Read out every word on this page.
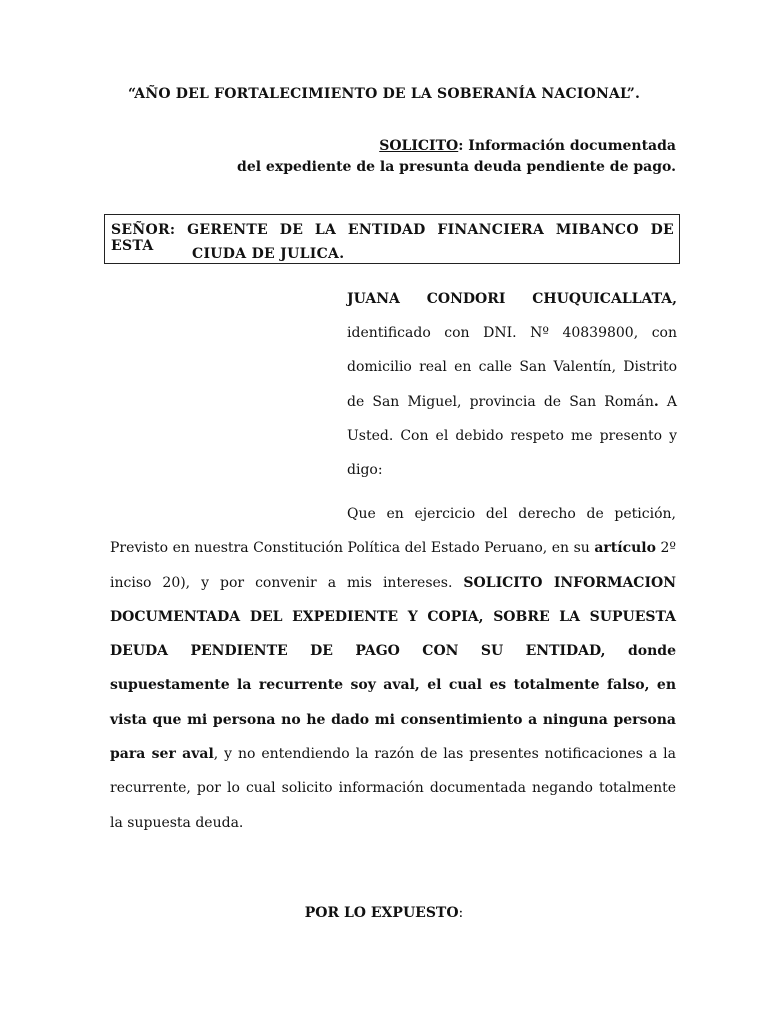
“AÑO DEL FORTALECIMIENTO DE LA SOBERANÍA NACIONAL”.
SOLICITO: Información documentada
del expediente de la presunta deuda pendiente de pago.
SEÑOR: GERENTE DE LA ENTIDAD FINANCIERA MIBANCO DE ESTA	CIUDA DE JULICA.
JUANA CONDORI CHUQUICALLATA, identificado con DNI. Nº 40839800, con domicilio real en calle San Valentín, Distrito de San Miguel, provincia de San Román. A Usted. Con el debido respeto me presento y digo:
Que en ejercicio del derecho de petición, Previsto en nuestra Constitución Política del Estado Peruano, en su artículo 2º inciso 20), y por convenir a mis intereses. SOLICITO INFORMACION DOCUMENTADA DEL EXPEDIENTE Y COPIA, SOBRE LA SUPUESTA DEUDA PENDIENTE DE PAGO CON SU ENTIDAD, donde supuestamente la recurrente soy aval, el cual es totalmente falso, en vista que mi persona no he dado mi consentimiento a ninguna persona para ser aval, y no entendiendo la razón de las presentes notificaciones a la recurrente, por lo cual solicito información documentada negando totalmente la supuesta deuda.
POR LO EXPUESTO:
